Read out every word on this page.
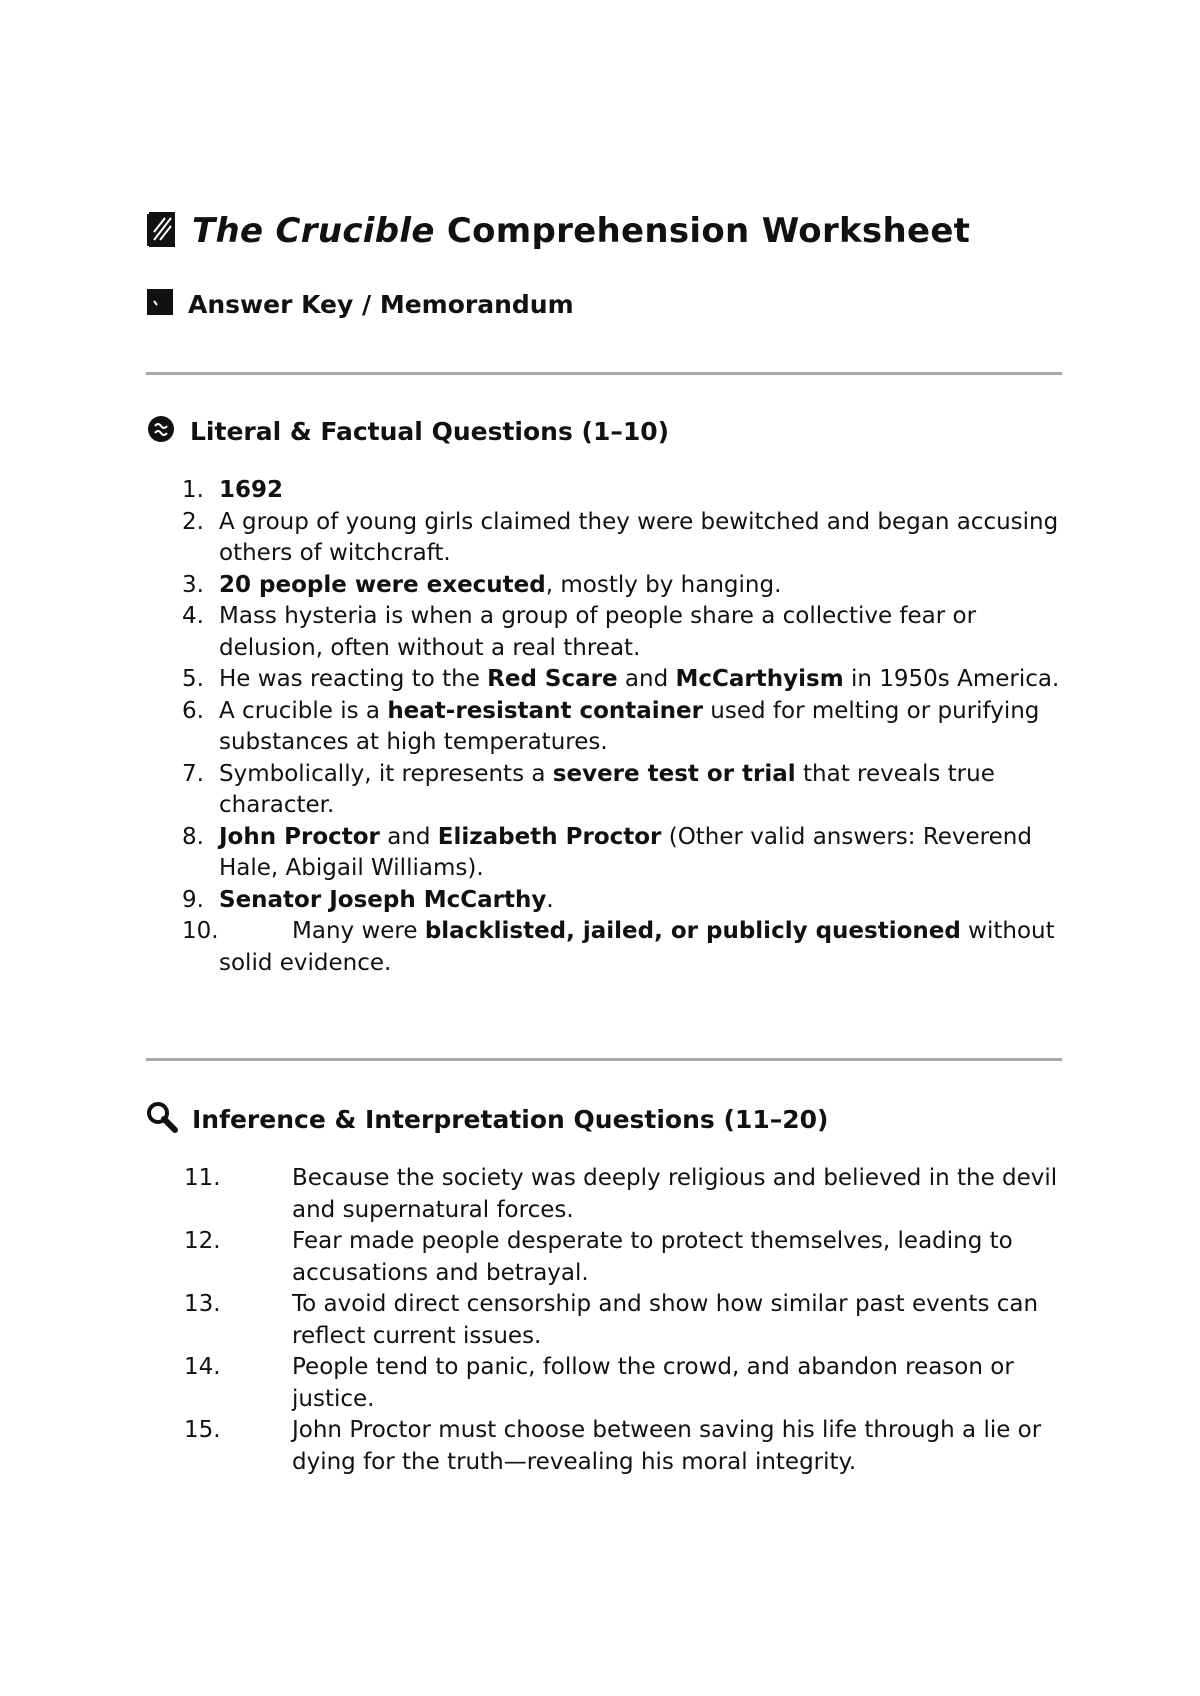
The Crucible Comprehension Worksheet
Answer Key / Memorandum
Literal & Factual Questions (1–10)
1. 1692
2. A group of young girls claimed they were bewitched and began accusing others of witchcraft.
3. 20 people were executed, mostly by hanging.
4. Mass hysteria is when a group of people share a collective fear or delusion, often without a real threat.
5. He was reacting to the Red Scare and McCarthyism in 1950s America.
6. A crucible is a heat-resistant container used for melting or purifying substances at high temperatures.
7. Symbolically, it represents a severe test or trial that reveals true character.
8. John Proctor and Elizabeth Proctor (Other valid answers: Reverend Hale, Abigail Williams).
9. Senator Joseph McCarthy.
10.	Many were blacklisted, jailed, or publicly questioned without solid evidence.
Inference & Interpretation Questions (11–20)
11.	Because the society was deeply religious and believed in the devil and supernatural forces.
12.	Fear made people desperate to protect themselves, leading to accusations and betrayal.
13.	To avoid direct censorship and show how similar past events can reflect current issues.
14.	People tend to panic, follow the crowd, and abandon reason or justice.
15.	John Proctor must choose between saving his life through a lie or dying for the truth—revealing his moral integrity.
